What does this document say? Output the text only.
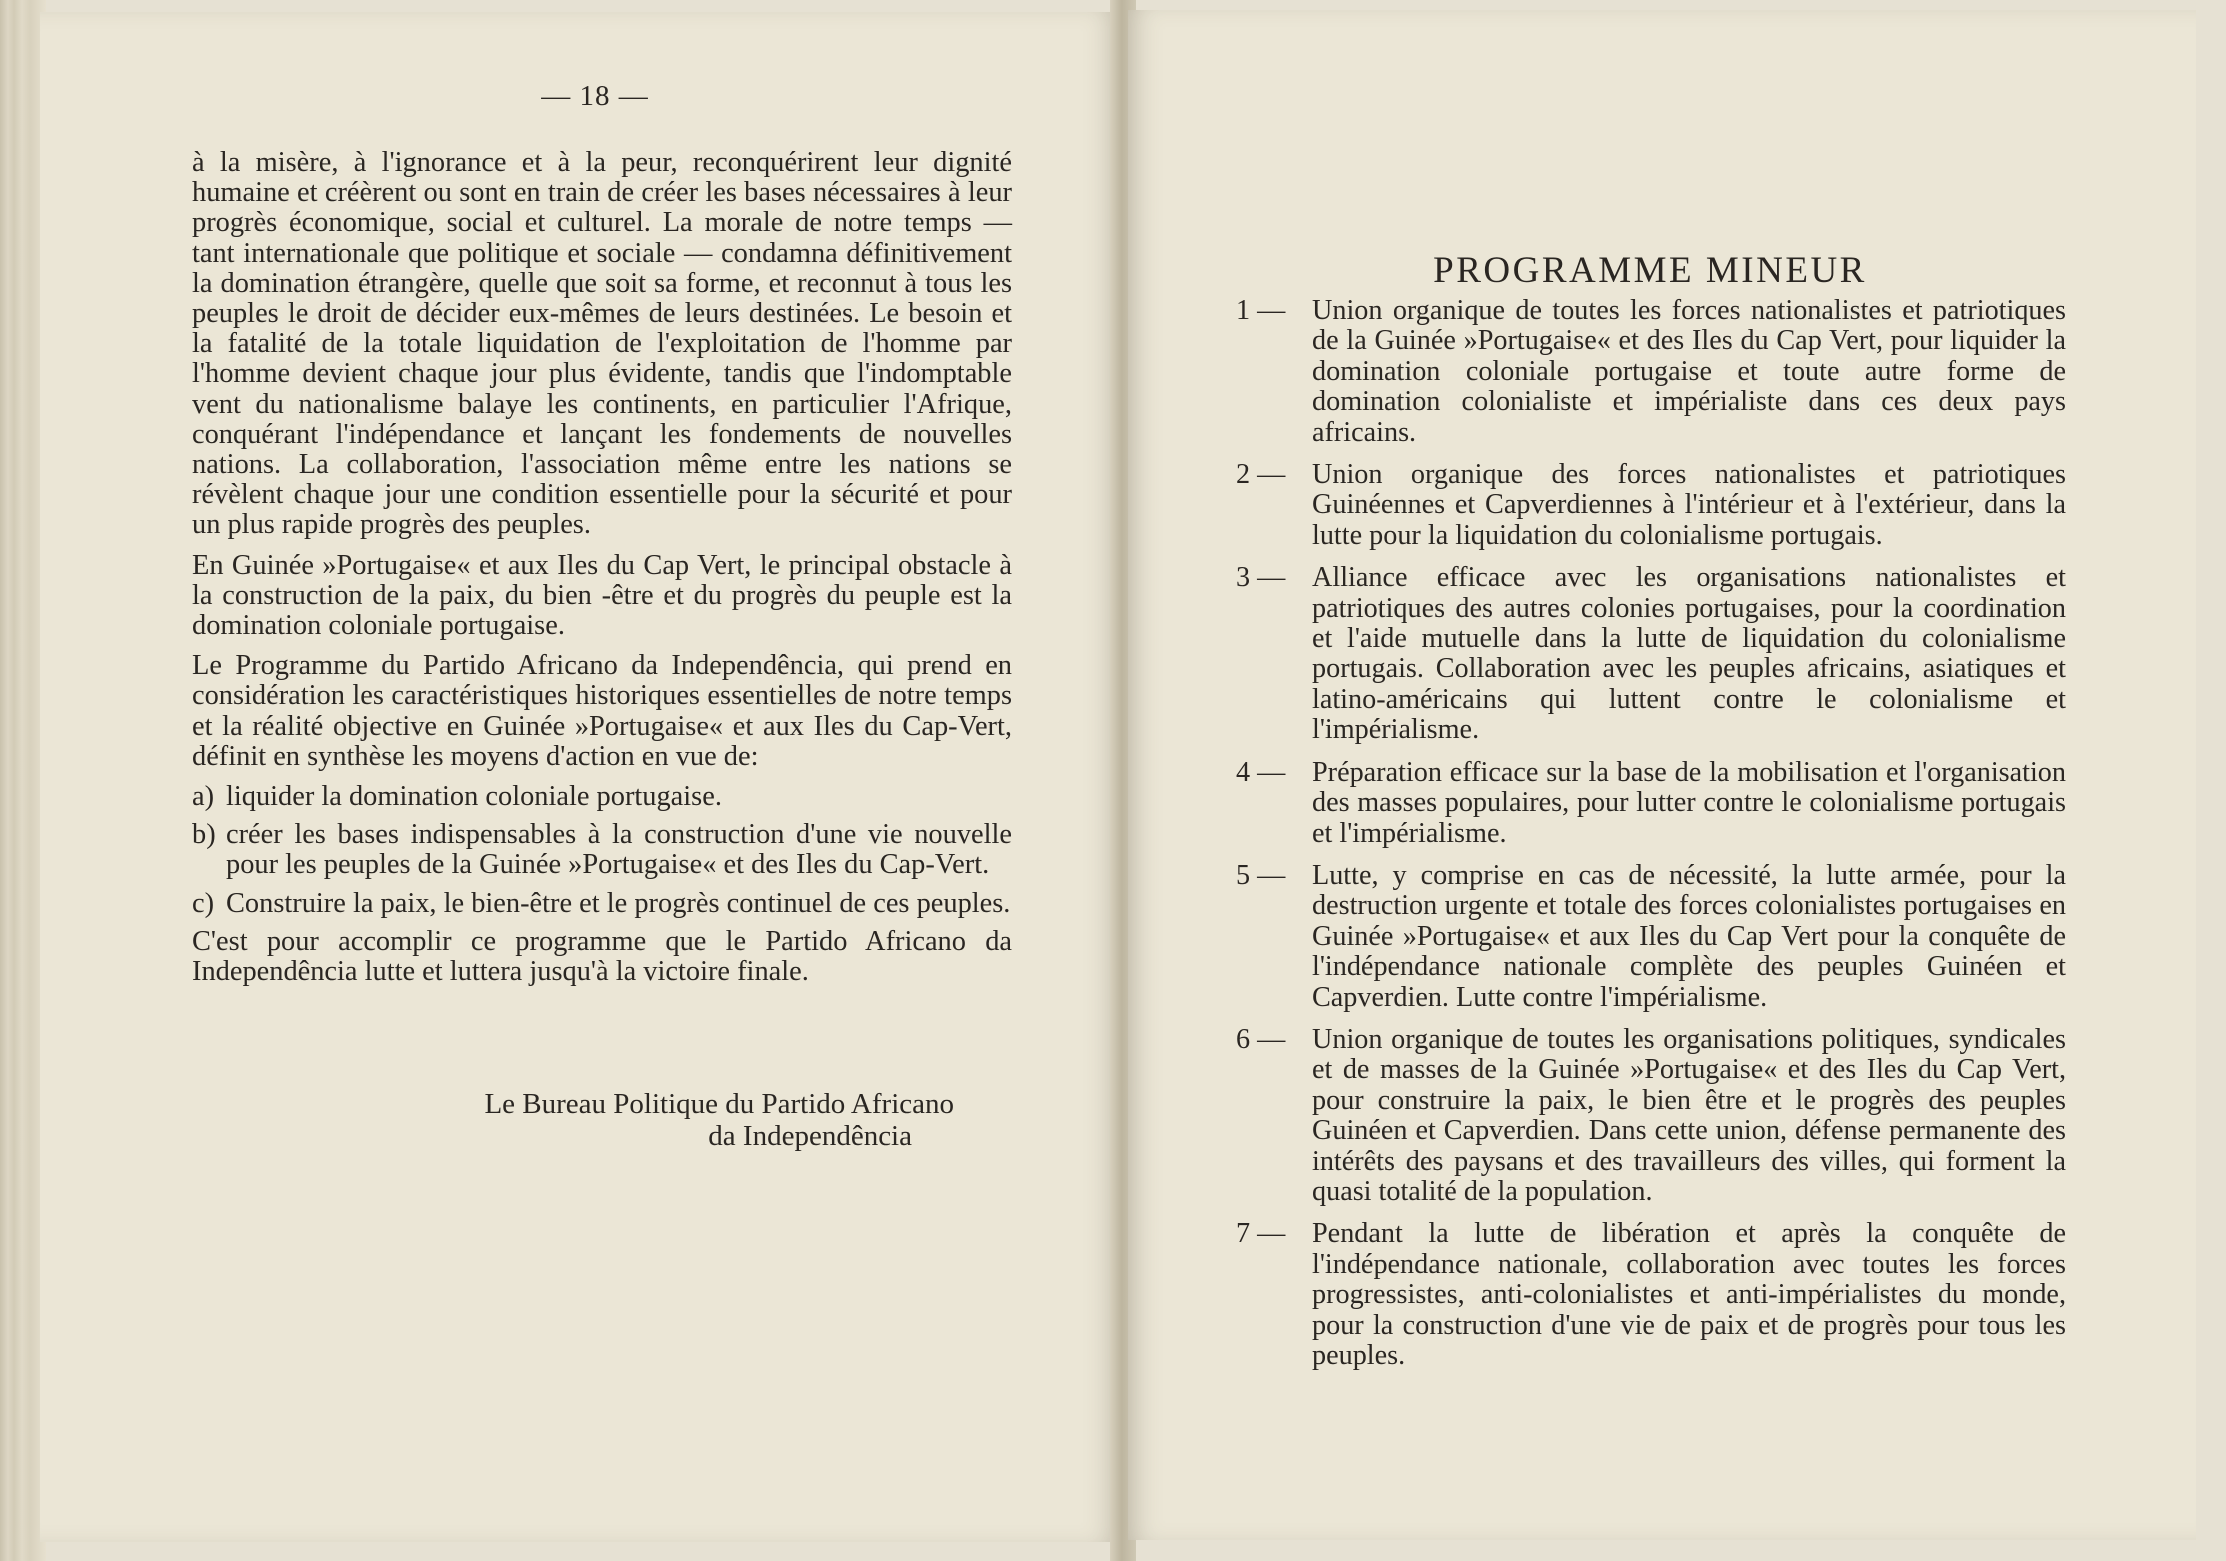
— 18 —

à la misère, à l'ignorance et à la peur, reconquérirent leur dignité humaine et créèrent ou sont en train de créer les bases nécessaires à leur progrès économique, social et culturel. La morale de notre temps — tant internationale que politique et sociale — condamna définitivement la domination étrangère, quelle que soit sa forme, et reconnut à tous les peuples le droit de décider eux-mêmes de leurs destinées. Le besoin et la fatalité de la totale liquidation de l'exploitation de l'homme par l'homme devient chaque jour plus évidente, tandis que l'indomptable vent du nationalisme balaye les continents, en particulier l'Afrique, conquérant l'indépendance et lançant les fondements de nouvelles nations. La collaboration, l'association même entre les nations se révèlent chaque jour une condition essentielle pour la sécurité et pour un plus rapide progrès des peuples.

En Guinée »Portugaise« et aux Iles du Cap Vert, le principal obstacle à la construction de la paix, du bien -être et du progrès du peuple est la domination coloniale portugaise.

Le Programme du Partido Africano da Independência, qui prend en considération les caractéristiques historiques essentielles de notre temps et la réalité objective en Guinée »Portugaise« et aux Iles du Cap-Vert, définit en synthèse les moyens d'action en vue de:

a) liquider la domination coloniale portugaise.
b) créer les bases indispensables à la construction d'une vie nouvelle pour les peuples de la Guinée »Portugaise« et des Iles du Cap-Vert.
c) Construire la paix, le bien-être et le progrès continuel de ces peuples.

C'est pour accomplir ce programme que le Partido Africano da Independência lutte et luttera jusqu'à la victoire finale.

Le Bureau Politique du Partido Africano
da Independência
PROGRAMME MINEUR
1 — Union organique de toutes les forces nationalistes et patriotiques de la Guinée »Portugaise« et des Iles du Cap Vert, pour liquider la domination coloniale portugaise et toute autre forme de domination colonialiste et impérialiste dans ces deux pays africains.
2 — Union organique des forces nationalistes et patriotiques Guinéennes et Capverdiennes à l'intérieur et à l'extérieur, dans la lutte pour la liquidation du colonialisme portugais.
3 — Alliance efficace avec les organisations nationalistes et patriotiques des autres colonies portugaises, pour la coordination et l'aide mutuelle dans la lutte de liquidation du colonialisme portugais. Collaboration avec les peuples africains, asiatiques et latino-américains qui luttent contre le colonialisme et l'impérialisme.
4 — Préparation efficace sur la base de la mobilisation et l'organisation des masses populaires, pour lutter contre le colonialisme portugais et l'impérialisme.
5 — Lutte, y comprise en cas de nécessité, la lutte armée, pour la destruction urgente et totale des forces colonialistes portugaises en Guinée »Portugaise« et aux Iles du Cap Vert pour la conquête de l'indépendance nationale complète des peuples Guinéen et Capverdien. Lutte contre l'impérialisme.
6 — Union organique de toutes les organisations politiques, syndicales et de masses de la Guinée »Portugaise« et des Iles du Cap Vert, pour construire la paix, le bien être et le progrès des peuples Guinéen et Capverdien. Dans cette union, défense permanente des intérêts des paysans et des travailleurs des villes, qui forment la quasi totalité de la population.
7 — Pendant la lutte de libération et après la conquête de l'indépendance nationale, collaboration avec toutes les forces progressistes, anti-colonialistes et anti-impérialistes du monde, pour la construction d'une vie de paix et de progrès pour tous les peuples.
